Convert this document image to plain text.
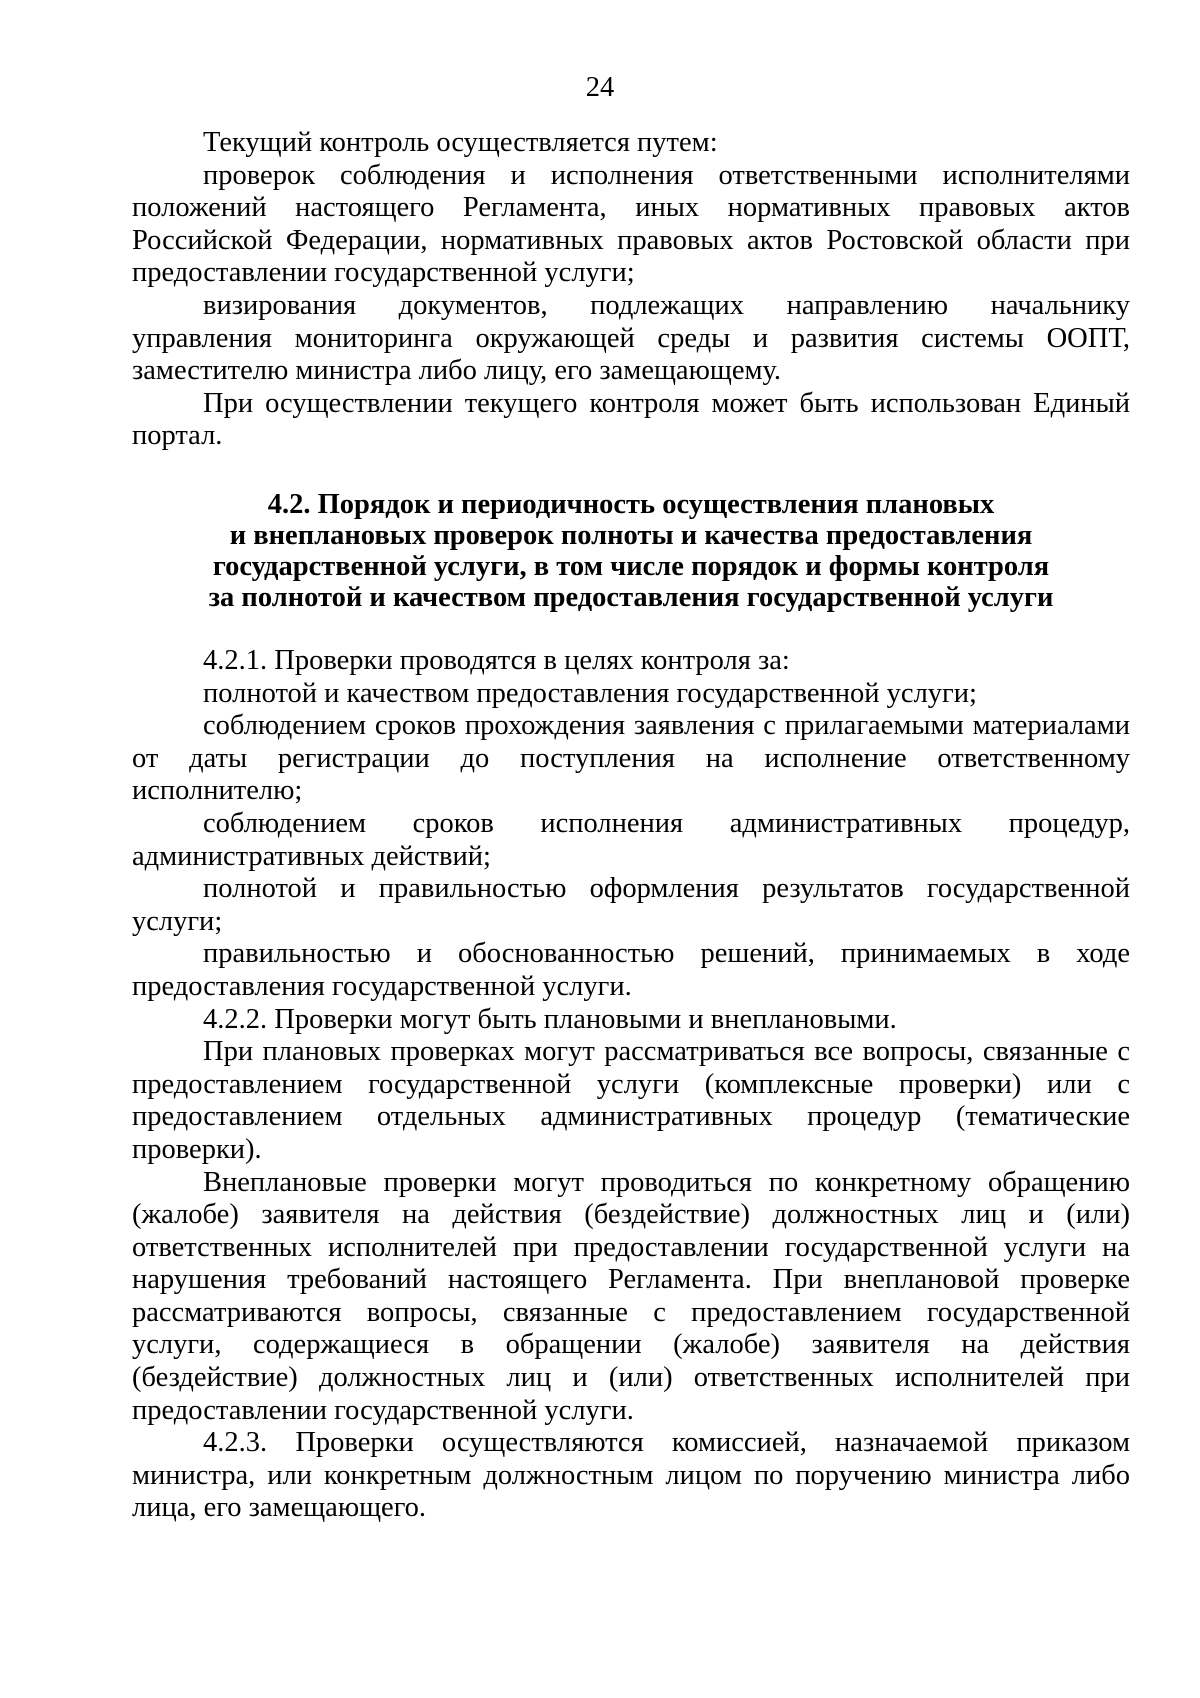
24

Текущий контроль осуществляется путем:

проверок соблюдения и исполнения ответственными исполнителями положений настоящего Регламента, иных нормативных правовых актов Российской Федерации, нормативных правовых актов Ростовской области при предоставлении государственной услуги;

визирования документов, подлежащих направлению начальнику управления мониторинга окружающей среды и развития системы ООПТ, заместителю министра либо лицу, его замещающему.

При осуществлении текущего контроля может быть использован Единый портал.

4.2. Порядок и периодичность осуществления плановых
и внеплановых проверок полноты и качества предоставления
государственной услуги, в том числе порядок и формы контроля
за полнотой и качеством предоставления государственной услуги

4.2.1. Проверки проводятся в целях контроля за:

полнотой и качеством предоставления государственной услуги;

соблюдением сроков прохождения заявления с прилагаемыми материалами от даты регистрации до поступления на исполнение ответственному исполнителю;

соблюдением сроков исполнения административных процедур, административных действий;

полнотой и правильностью оформления результатов государственной услуги;

правильностью и обоснованностью решений, принимаемых в ходе предоставления государственной услуги.

4.2.2. Проверки могут быть плановыми и внеплановыми.

При плановых проверках могут рассматриваться все вопросы, связанные с предоставлением государственной услуги (комплексные проверки) или с предоставлением отдельных административных процедур (тематические проверки).

Внеплановые проверки могут проводиться по конкретному обращению (жалобе) заявителя на действия (бездействие) должностных лиц и (или) ответственных исполнителей при предоставлении государственной услуги на нарушения требований настоящего Регламента. При внеплановой проверке рассматриваются вопросы, связанные с предоставлением государственной услуги, содержащиеся в обращении (жалобе) заявителя на действия (бездействие) должностных лиц и (или) ответственных исполнителей при предоставлении государственной услуги.

4.2.3. Проверки осуществляются комиссией, назначаемой приказом министра, или конкретным должностным лицом по поручению министра либо лица, его замещающего.
